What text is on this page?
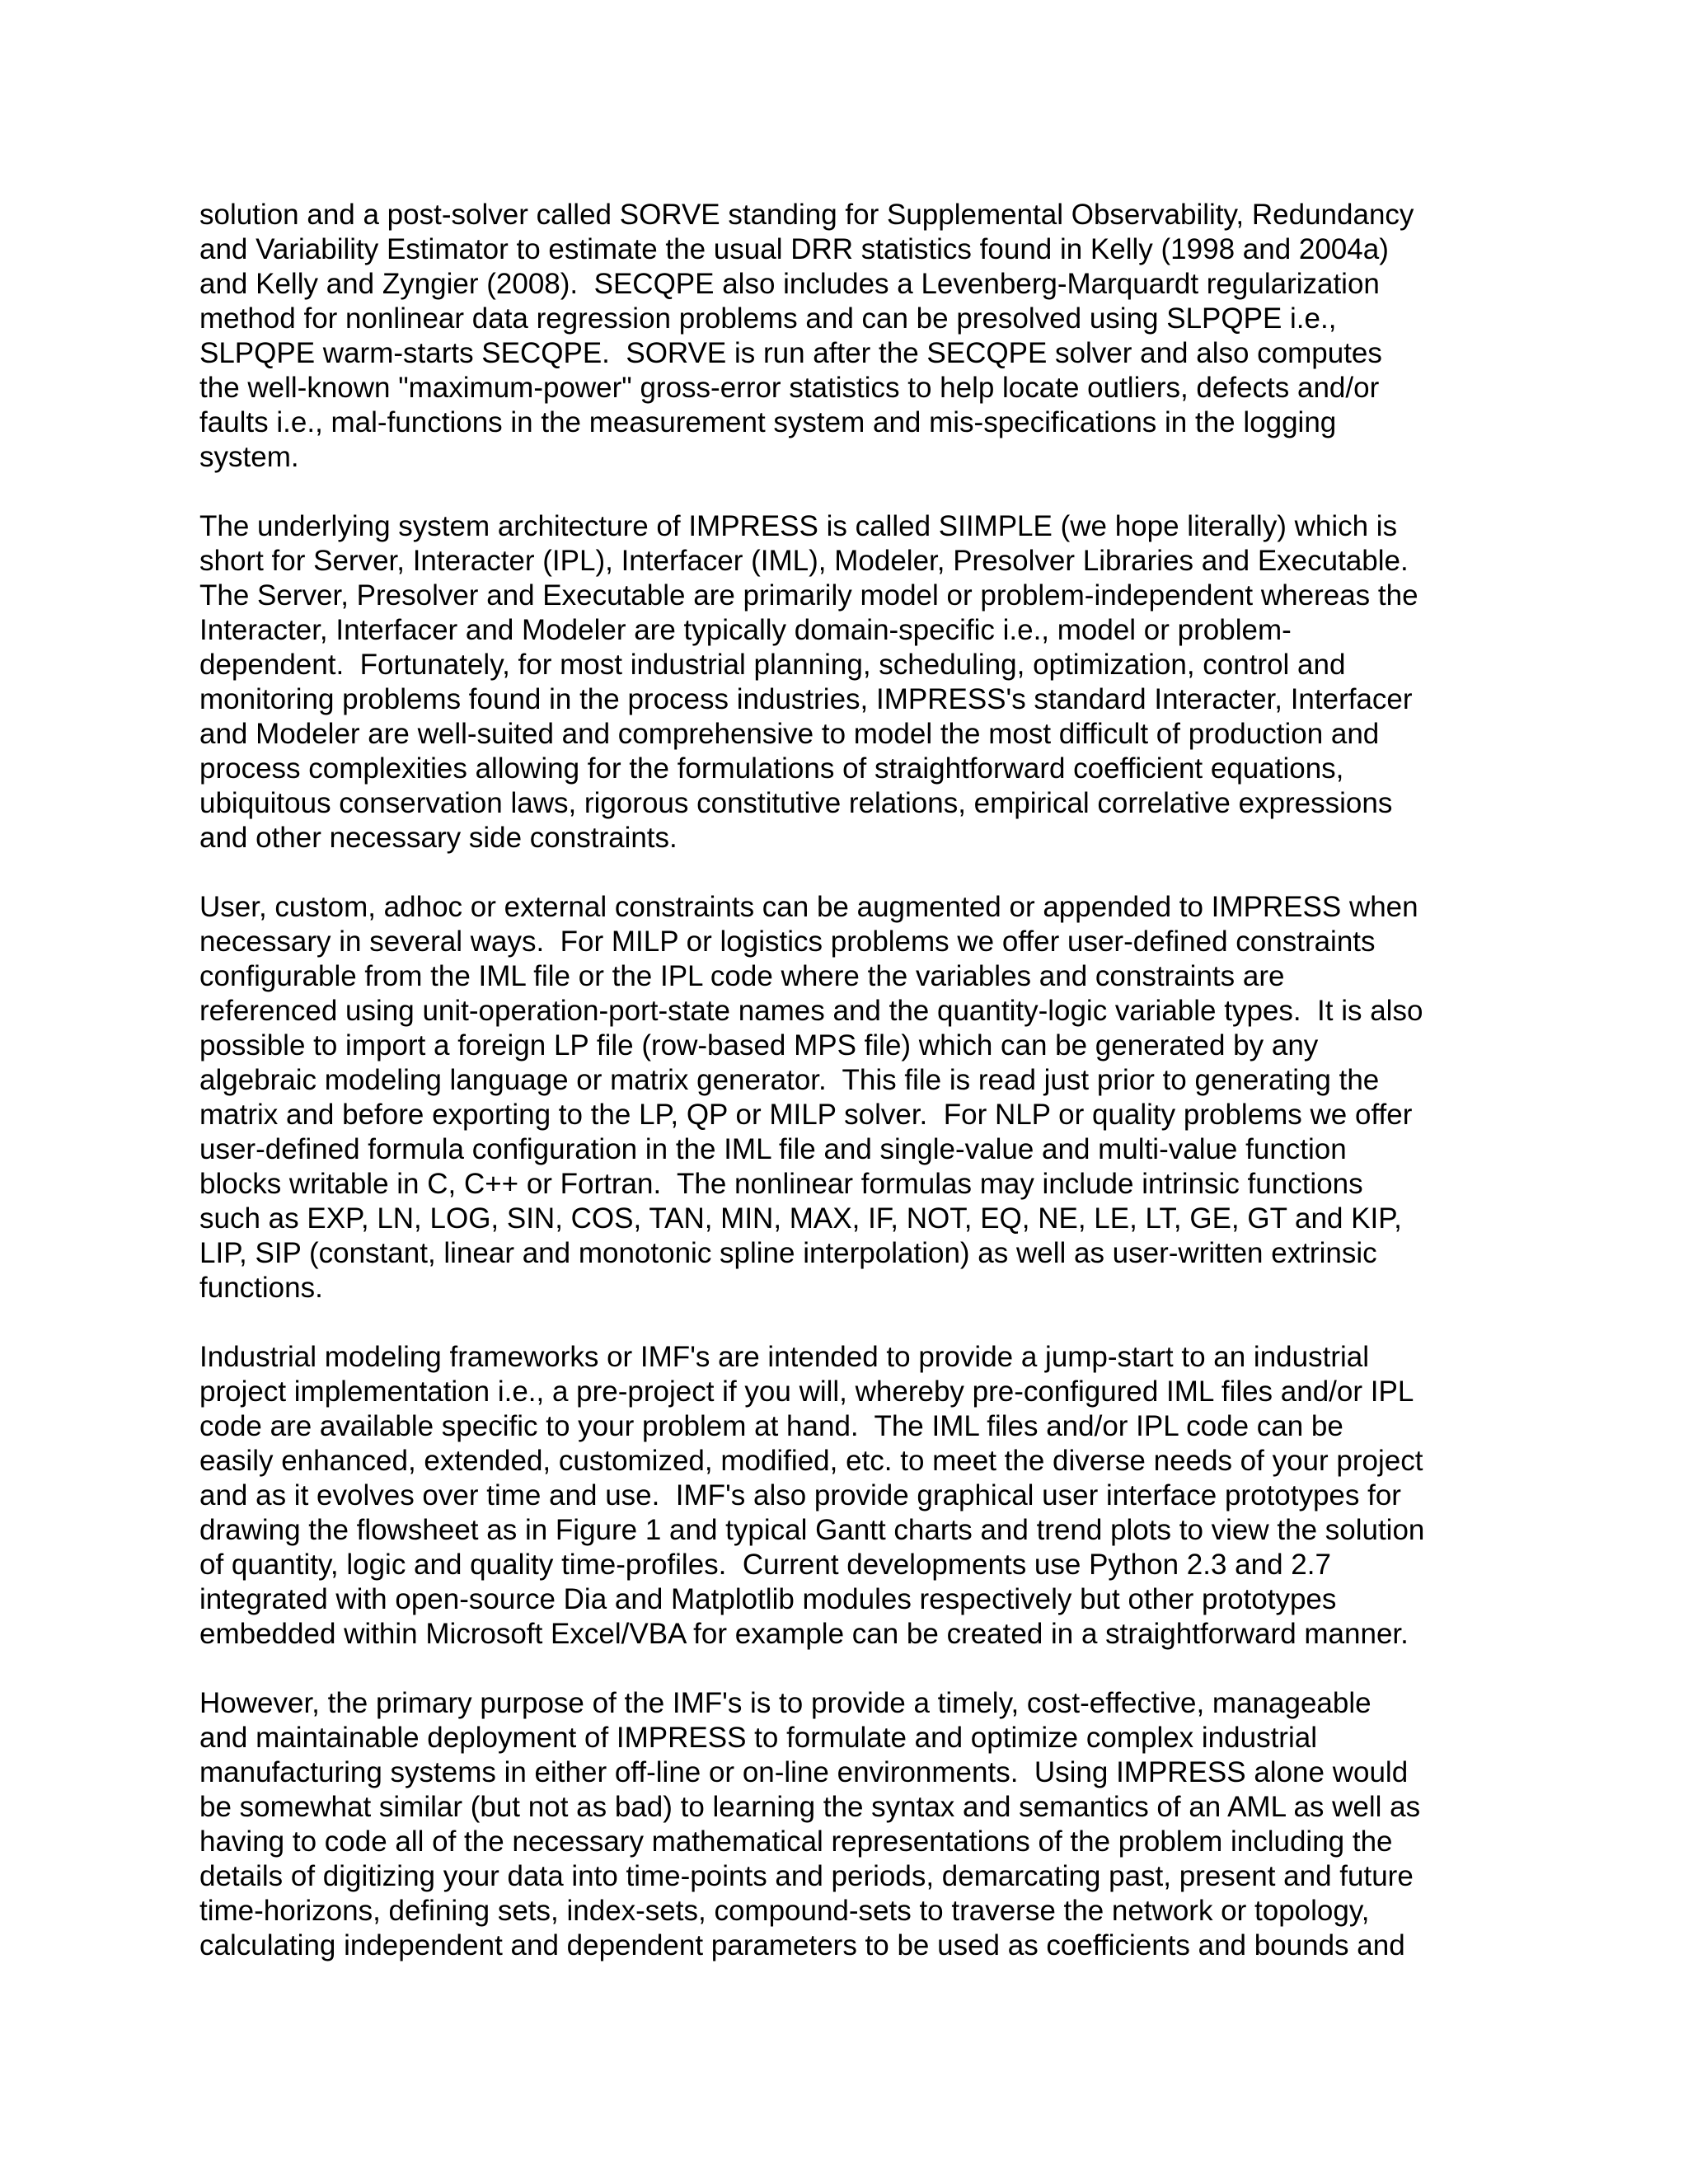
solution and a post-solver called SORVE standing for Supplemental Observability, Redundancy
and Variability Estimator to estimate the usual DRR statistics found in Kelly (1998 and 2004a)
and Kelly and Zyngier (2008).  SECQPE also includes a Levenberg-Marquardt regularization
method for nonlinear data regression problems and can be presolved using SLPQPE i.e.,
SLPQPE warm-starts SECQPE.  SORVE is run after the SECQPE solver and also computes
the well-known "maximum-power" gross-error statistics to help locate outliers, defects and/or
faults i.e., mal-functions in the measurement system and mis-specifications in the logging
system.

The underlying system architecture of IMPRESS is called SIIMPLE (we hope literally) which is
short for Server, Interacter (IPL), Interfacer (IML), Modeler, Presolver Libraries and Executable.
The Server, Presolver and Executable are primarily model or problem-independent whereas the
Interacter, Interfacer and Modeler are typically domain-specific i.e., model or problem-
dependent.  Fortunately, for most industrial planning, scheduling, optimization, control and
monitoring problems found in the process industries, IMPRESS's standard Interacter, Interfacer
and Modeler are well-suited and comprehensive to model the most difficult of production and
process complexities allowing for the formulations of straightforward coefficient equations,
ubiquitous conservation laws, rigorous constitutive relations, empirical correlative expressions
and other necessary side constraints.

User, custom, adhoc or external constraints can be augmented or appended to IMPRESS when
necessary in several ways.  For MILP or logistics problems we offer user-defined constraints
configurable from the IML file or the IPL code where the variables and constraints are
referenced using unit-operation-port-state names and the quantity-logic variable types.  It is also
possible to import a foreign LP file (row-based MPS file) which can be generated by any
algebraic modeling language or matrix generator.  This file is read just prior to generating the
matrix and before exporting to the LP, QP or MILP solver.  For NLP or quality problems we offer
user-defined formula configuration in the IML file and single-value and multi-value function
blocks writable in C, C++ or Fortran.  The nonlinear formulas may include intrinsic functions
such as EXP, LN, LOG, SIN, COS, TAN, MIN, MAX, IF, NOT, EQ, NE, LE, LT, GE, GT and KIP,
LIP, SIP (constant, linear and monotonic spline interpolation) as well as user-written extrinsic
functions.

Industrial modeling frameworks or IMF's are intended to provide a jump-start to an industrial
project implementation i.e., a pre-project if you will, whereby pre-configured IML files and/or IPL
code are available specific to your problem at hand.  The IML files and/or IPL code can be
easily enhanced, extended, customized, modified, etc. to meet the diverse needs of your project
and as it evolves over time and use.  IMF's also provide graphical user interface prototypes for
drawing the flowsheet as in Figure 1 and typical Gantt charts and trend plots to view the solution
of quantity, logic and quality time-profiles.  Current developments use Python 2.3 and 2.7
integrated with open-source Dia and Matplotlib modules respectively but other prototypes
embedded within Microsoft Excel/VBA for example can be created in a straightforward manner.

However, the primary purpose of the IMF's is to provide a timely, cost-effective, manageable
and maintainable deployment of IMPRESS to formulate and optimize complex industrial
manufacturing systems in either off-line or on-line environments.  Using IMPRESS alone would
be somewhat similar (but not as bad) to learning the syntax and semantics of an AML as well as
having to code all of the necessary mathematical representations of the problem including the
details of digitizing your data into time-points and periods, demarcating past, present and future
time-horizons, defining sets, index-sets, compound-sets to traverse the network or topology,
calculating independent and dependent parameters to be used as coefficients and bounds and
